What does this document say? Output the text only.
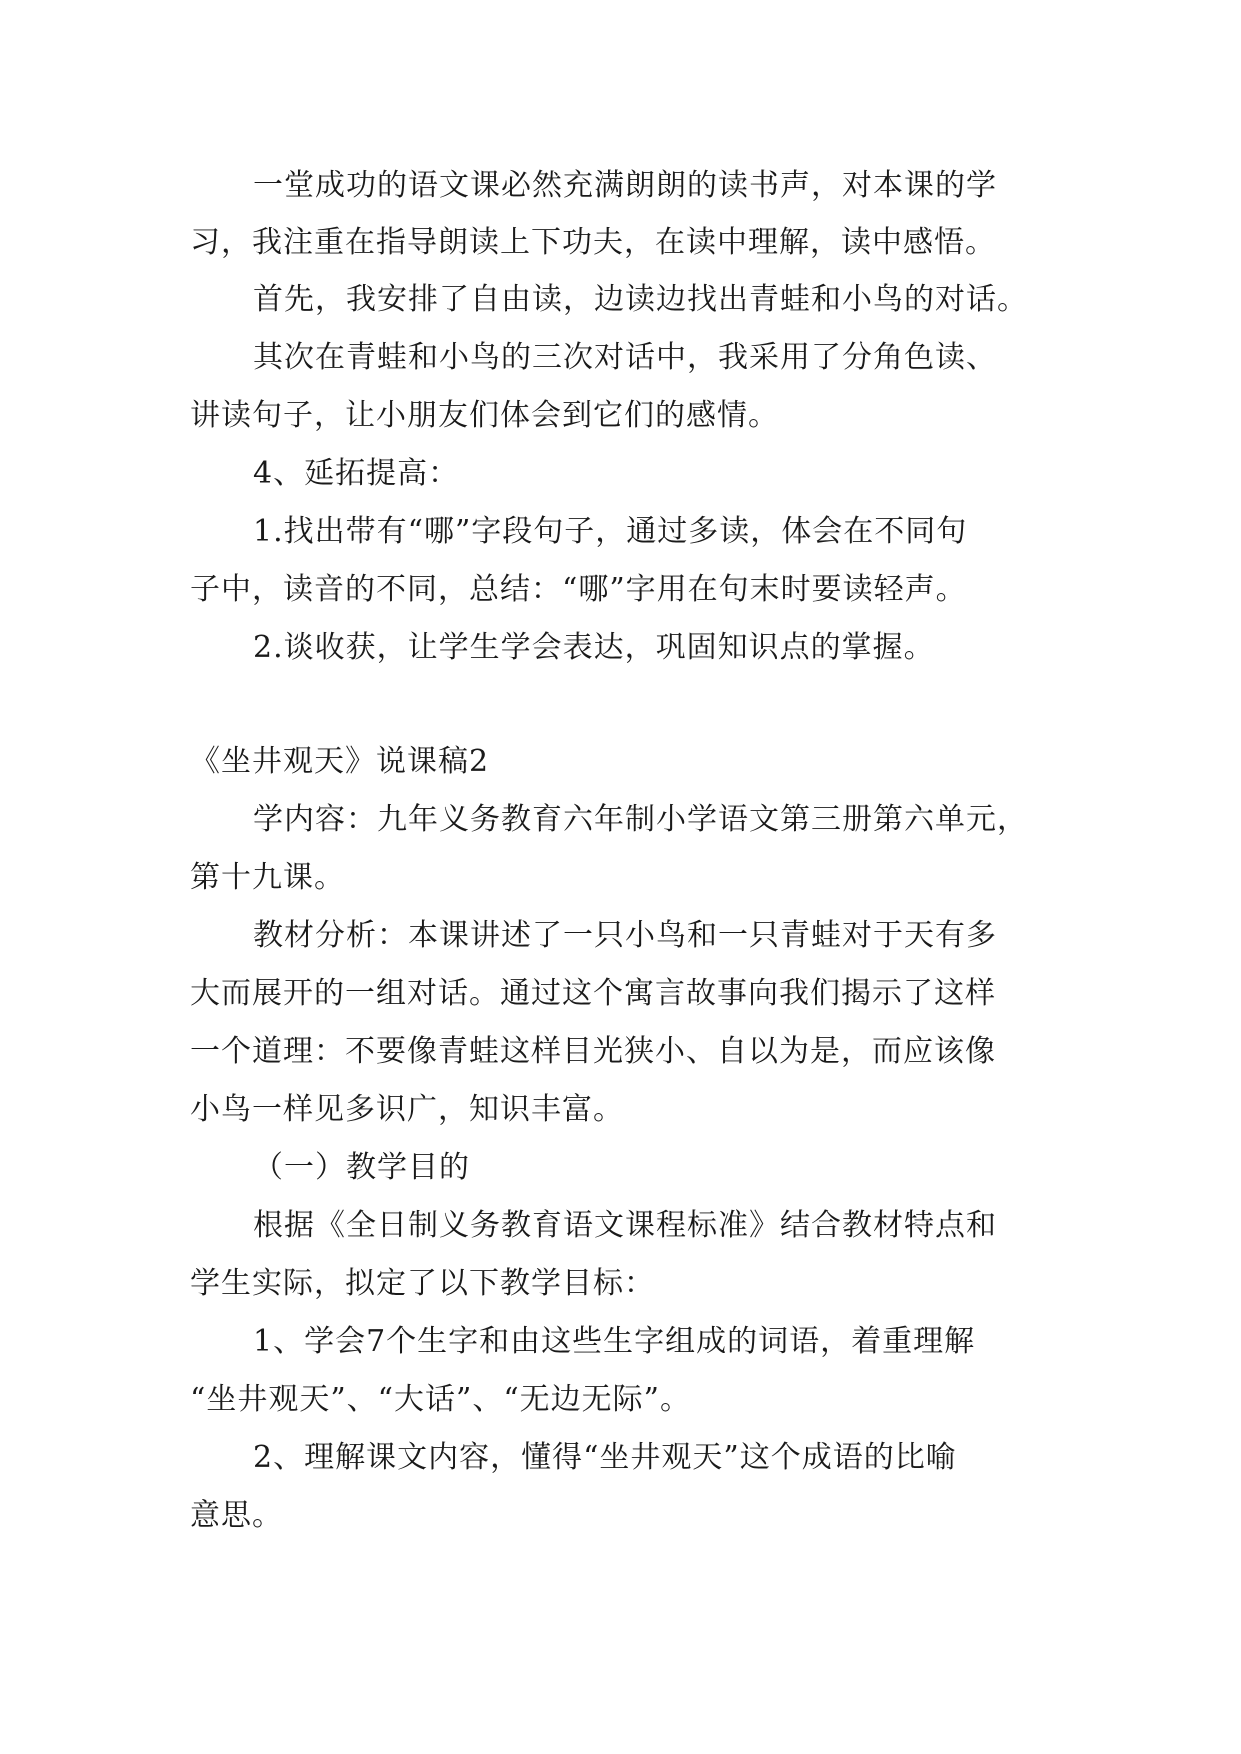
一堂成功的语文课必然充满朗朗的读书声，对本课的学
习，我注重在指导朗读上下功夫，在读中理解，读中感悟。
首先，我安排了自由读，边读边找出青蛙和小鸟的对话。
其次在青蛙和小鸟的三次对话中，我采用了分角色读、
讲读句子，让小朋友们体会到它们的感情。
4、延拓提高：
1.找出带有“哪”字段句子，通过多读，体会在不同句
子中，读音的不同，总结：“哪”字用在句末时要读轻声。
2.谈收获，让学生学会表达，巩固知识点的掌握。
《坐井观天》说课稿2
学内容：九年义务教育六年制小学语文第三册第六单元，
第十九课。
教材分析：本课讲述了一只小鸟和一只青蛙对于天有多
大而展开的一组对话。通过这个寓言故事向我们揭示了这样
一个道理：不要像青蛙这样目光狭小、自以为是，而应该像
小鸟一样见多识广，知识丰富。
（一）教学目的
根据《全日制义务教育语文课程标准》结合教材特点和
学生实际，拟定了以下教学目标：
1、学会7个生字和由这些生字组成的词语，着重理解
“坐井观天”、“大话”、“无边无际”。
2、理解课文内容，懂得“坐井观天”这个成语的比喻
意思。
